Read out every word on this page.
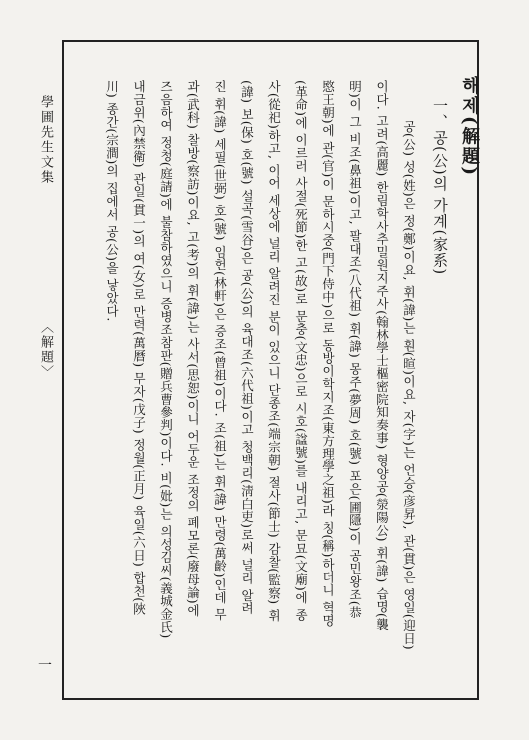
學圃先生文集
〈解題〉
一
해제(解題)
一、공(公)의 가계(家系)
공(公) 성(姓)은 정(鄭)이요, 휘(諱)는 훤(暄)이요, 자(字)는 언승(彦昇), 관(貫)은 영일(迎日)
이다. 고려(高麗) 한림학사추밀원지주사(翰林學士樞密院知奏事) 형양공(滎陽公) 휘(諱) 습명(襲
明)이 그 비조(鼻祖)이고, 팔대조(八代祖) 휘(諱) 몽주(夢周) 호(號) 포은(圃隱)이 공민왕조(恭
愍王朝)에 관(官)이 문하시중(門下侍中)으로 동방이학지조(東方理學之祖)라 칭(稱)하더니 혁명
(革命)에 이르러 사절(死節)한 고(故)로 문충(文忠)으로 시호(諡號)를 내리고, 문묘(文廟)에 종
사(從祀)하고, 이어 세상에 널리 알려진 분이 있으니 단종조(端宗朝) 절사(節士) 감찰(監察) 휘
(諱) 보(保) 호(號) 설곡(雪谷)은 공(公)의 육대조(六代祖)이고 청백리(淸白吏)로써 널리 알려
진 휘(諱) 세필(世弼) 호(號) 임헌(林軒)은 증조(曾祖)이다. 조(祖)는 휘(諱) 만령(萬齡)인데 무
과(武科) 찰방(察訪)이요, 고(考)의 휘(諱)는 사서(思恕)이니 어두운 조정의 폐모론(廢母論)에
즈음하여 정청(庭請)에 불참하였으니 증병조참판(贈兵曹參判)이다. 비(妣)는 의성김씨(義城金氏)
내금위(內禁衛) 관일(貫一)의 여(女)로 만력(萬曆) 무자(戊子) 정월(正月) 육일(六日) 합천(陜
川) 종간(宗澗)의 집에서 공(公)을 낳았다.
